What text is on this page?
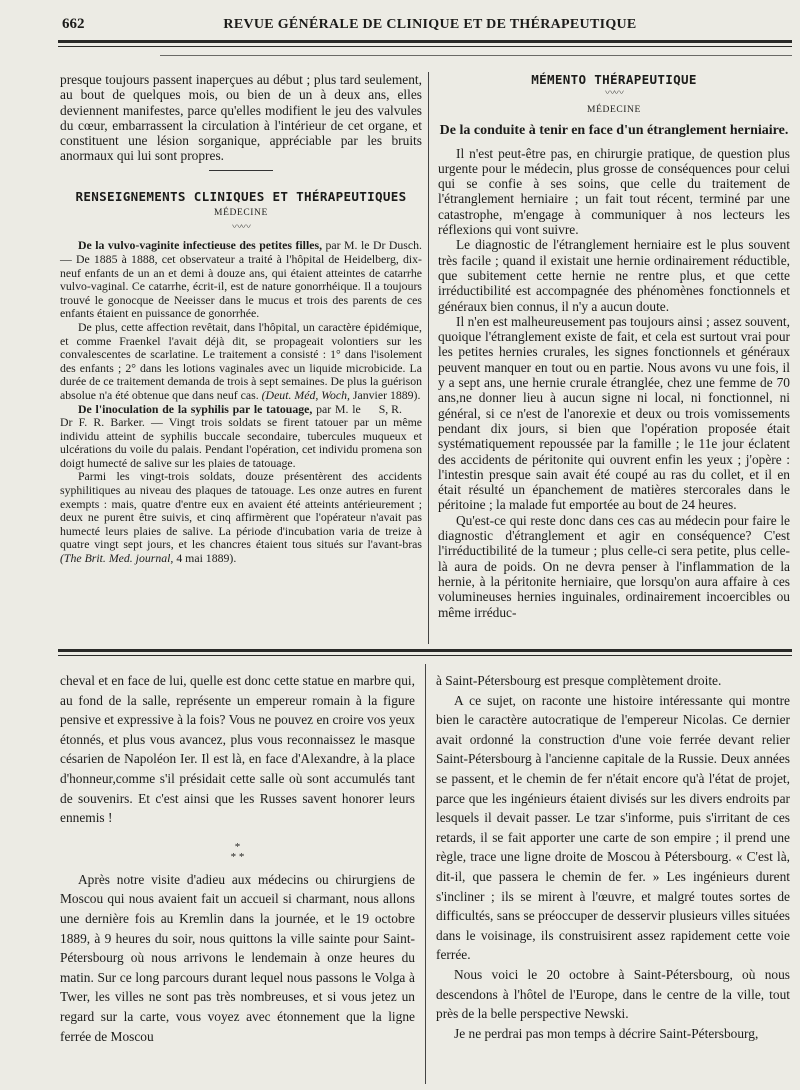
662	REVUE GÉNÉRALE DE CLINIQUE ET DE THÉRAPEUTIQUE

presque toujours passent inaperçues au début ; plus tard seulement, au bout de quelques mois, ou bien de un à deux ans, elles deviennent manifestes, parce qu'elles modifient le jeu des valvules du cœur, embarrassent la circulation à l'intérieur de cet organe, et constituent une lésion sorganique, appréciable par les bruits anormaux qui lui sont propres.

RENSEIGNEMENTS CLINIQUES ET THÉRAPEUTIQUES
MÉDECINE
〰〰

De la vulvo-vaginite infectieuse des petites filles, par M. le Dr Dusch. — De 1885 à 1888, cet observateur a traité à l'hôpital de Heidelberg, dix-neuf enfants de un an et demi à douze ans, qui étaient atteintes de catarrhe vulvo-vaginal. Ce catarrhe, écrit-il, est de nature gonorrhéique. Il a toujours trouvé le gonocque de Neeisser dans le mucus et trois des parents de ces enfants étaient en puissance de gonorrhée.

De plus, cette affection revêtait, dans l'hôpital, un caractère épidémique, et comme Fraenkel l'avait déjà dit, se propageait volontiers sur les convalescentes de scarlatine. Le traitement a consisté : 1° dans l'isolement des enfants ; 2° dans les lotions vaginales avec un liquide microbicide. La durée de ce traitement demanda de trois à sept semaines. De plus la guérison absolue n'a été obtenue que dans neuf cas. (Deut. Méd, Woch, Janvier 1889).
S, R.

De l'inoculation de la syphilis par le tatouage, par M. le Dr F. R. Barker. — Vingt trois soldats se firent tatouer par un même individu atteint de syphilis buccale secondaire, tubercules muqueux et ulcérations du voile du palais. Pendant l'opération, cet individu promena son doigt humecté de salive sur les plaies de tatouage.

Parmi les vingt-trois soldats, douze présentèrent des accidents syphilitiques au niveau des plaques de tatouage. Les onze autres en furent exempts : mais, quatre d'entre eux en avaient été atteints antérieurement ; deux ne purent être suivis, et cinq affirmèrent que l'opérateur n'avait pas humecté leurs plaies de salive. La période d'incubation varia de treize à quatre vingt sept jours, et les chancres étaient tous situés sur l'avant-bras (The Brit. Med. journal, 4 mai 1889).

MÉMENTO THÉRAPEUTIQUE
〰〰
MÉDECINE
De la conduite à tenir en face d'un étranglement herniaire.

Il n'est peut-être pas, en chirurgie pratique, de question plus urgente pour le médecin, plus grosse de conséquences pour celui qui se confie à ses soins, que celle du traitement de l'étranglement herniaire ; un fait tout récent, terminé par une catastrophe, m'engage à communiquer à nos lecteurs les réflexions qui vont suivre.

Le diagnostic de l'étranglement herniaire est le plus souvent très facile ; quand il existait une hernie ordinairement réductible, que subitement cette hernie ne rentre plus, et que cette irréductibilité est accompagnée des phénomènes fonctionnels et généraux bien connus, il n'y a aucun doute.

Il n'en est malheureusement pas toujours ainsi ; assez souvent, quoique l'étranglement existe de fait, et cela est surtout vrai pour les petites hernies crurales, les signes fonctionnels et généraux peuvent manquer en tout ou en partie. Nous avons vu une fois, il y a sept ans, une hernie crurale étranglée, chez une femme de 70 ans,ne donner lieu à aucun signe ni local, ni fonctionnel, ni général, si ce n'est de l'anorexie et deux ou trois vomissements pendant dix jours, si bien que l'opération proposée était systématiquement repoussée par la famille ; le 11e jour éclatent des accidents de péritonite qui ouvrent enfin les yeux ; j'opère : l'intestin presque sain avait été coupé au ras du collet, et il en était résulté un épanchement de matières stercorales dans le péritoine ; la malade fut emportée au bout de 24 heures.

Qu'est-ce qui reste donc dans ces cas au médecin pour faire le diagnostic d'étranglement et agir en conséquence? C'est l'irréductibilité de la tumeur ; plus celle-ci sera petite, plus celle-là aura de poids. On ne devra penser à l'inflammation de la hernie, à la péritonite herniaire, que lorsqu'on aura affaire à ces volumineuses hernies inguinales, ordinairement incoercibles ou même irréduc-

cheval et en face de lui, quelle est donc cette statue en marbre qui, au fond de la salle, représente un empereur romain à la figure pensive et expressive à la fois? Vous ne pouvez en croire vos yeux étonnés, et plus vous avancez, plus vous reconnaissez le masque césarien de Napoléon Ier. Il est là, en face d'Alexandre, à la place d'honneur,comme s'il présidait cette salle où sont accumulés tant de souvenirs. Et c'est ainsi que les Russes savent honorer leurs ennemis !

*
* *

Après notre visite d'adieu aux médecins ou chirurgiens de Moscou qui nous avaient fait un accueil si charmant, nous allons une dernière fois au Kremlin dans la journée, et le 19 octobre 1889, à 9 heures du soir, nous quittons la ville sainte pour Saint-Pétersbourg où nous arrivons le lendemain à onze heures du matin. Sur ce long parcours durant lequel nous passons le Volga à Twer, les villes ne sont pas très nombreuses, et si vous jetez un regard sur la carte, vous voyez avec étonnement que la ligne ferrée de Moscou

à Saint-Pétersbourg est presque complètement droite.

A ce sujet, on raconte une histoire intéressante qui montre bien le caractère autocratique de l'empereur Nicolas. Ce dernier avait ordonné la construction d'une voie ferrée devant relier Saint-Pétersbourg à l'ancienne capitale de la Russie. Deux années se passent, et le chemin de fer n'était encore qu'à l'état de projet, parce que les ingénieurs étaient divisés sur les divers endroits par lesquels il devait passer. Le tzar s'informe, puis s'irritant de ces retards, il se fait apporter une carte de son empire ; il prend une règle, trace une ligne droite de Moscou à Pétersbourg. « C'est là, dit-il, que passera le chemin de fer. » Les ingénieurs durent s'incliner ; ils se mirent à l'œuvre, et malgré toutes sortes de difficultés, sans se préoccuper de desservir plusieurs villes situées dans le voisinage, ils construisirent assez rapidement cette voie ferrée.

Nous voici le 20 octobre à Saint-Pétersbourg, où nous descendons à l'hôtel de l'Europe, dans le centre de la ville, tout près de la belle perspective Newski.

Je ne perdrai pas mon temps à décrire Saint-Pétersbourg,
